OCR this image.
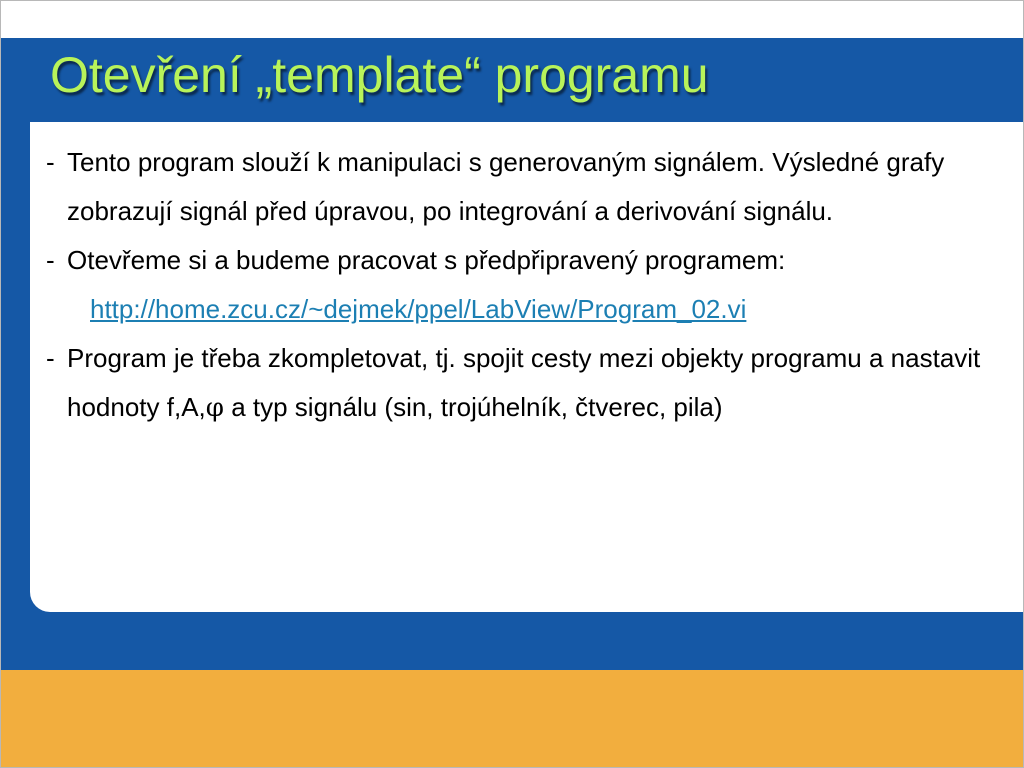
Otevření „template“ programu

- Tento program slouží k manipulaci s generovaným signálem. Výsledné grafy zobrazují signál před úpravou, po integrování a derivování signálu.

- Otevřeme si a budeme pracovat s předpřipravený programem:

http://home.zcu.cz/~dejmek/ppel/LabView/Program_02.vi

- Program je třeba zkompletovat, tj. spojit cesty mezi objekty programu a nastavit hodnoty f,A,φ a typ signálu (sin, trojúhelník, čtverec, pila)
